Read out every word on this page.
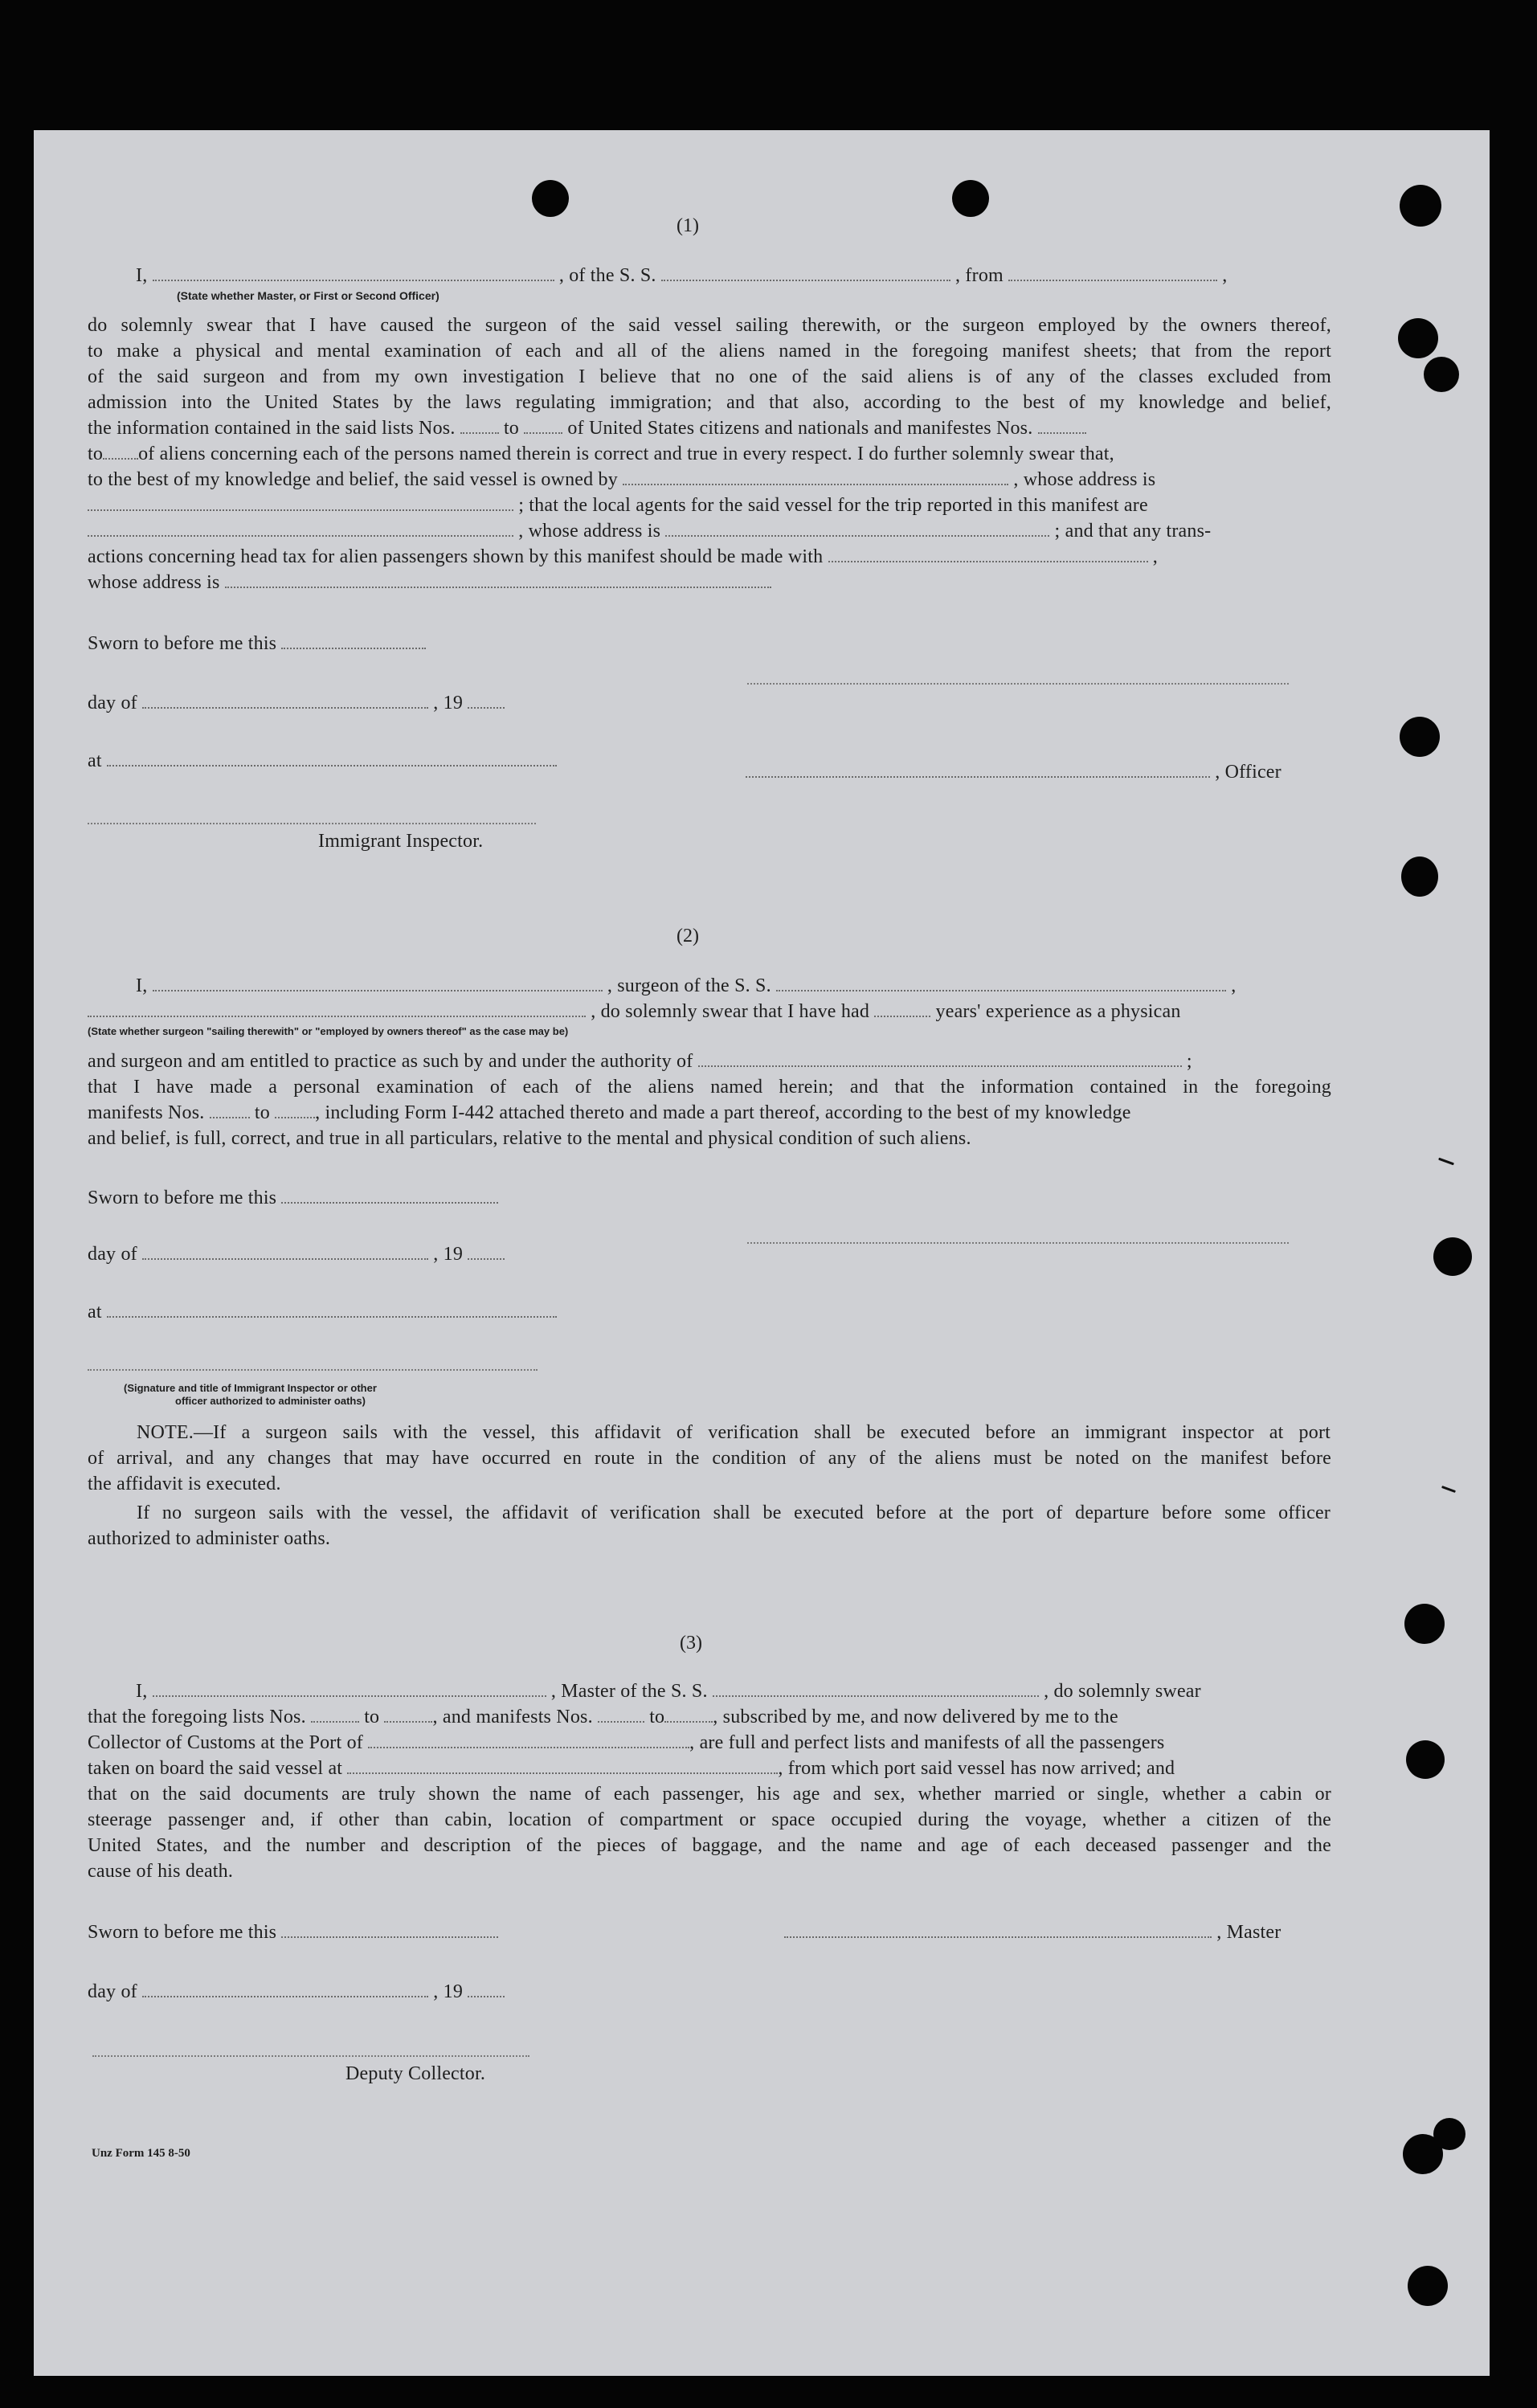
(1)
I,	, of the S. S.	, from	,
(State whether Master, or First or Second Officer)
do solemnly swear that I have caused the surgeon of the said vessel sailing therewith, or the surgeon employed by the owners thereof,
to make a physical and mental examination of each and all of the aliens named in the foregoing manifest sheets; that from the report
of the said surgeon and from my own investigation I believe that no one of the said aliens is of any of the classes excluded from
admission into the United States by the laws regulating immigration; and that also, according to the best of my knowledge and belief,
the information contained in the said lists Nos.	to	of United States citizens and nationals and manifestes Nos.
to of aliens concerning each of the persons named therein is correct and true in every respect. I do further solemnly swear that,
to the best of my knowledge and belief, the said vessel is owned by	, whose address is
; that the local agents for the said vessel for the trip reported in this manifest are
, whose address is	; and that any trans-
actions concerning head tax for alien passengers shown by this manifest should be made with	,
whose address is
Sworn to before me this
day of	, 19
at
, Officer
Immigrant Inspector.
(2)
I,	, surgeon of the S. S.	,
, do solemnly swear that I have had	years' experience as a physican
(State whether surgeon "sailing therewith" or "employed by owners thereof" as the case may be)
and surgeon and am entitled to practice as such by and under the authority of	;
that I have made a personal examination of each of the aliens named herein; and that the information contained in the foregoing
manifests Nos.	to , including Form I-442 attached thereto and made a part thereof, according to the best of my knowledge
and belief, is full, correct, and true in all particulars, relative to the mental and physical condition of such aliens.
Sworn to before me this
day of	, 19
at
(Signature and title of Immigrant Inspector or other
officer authorized to administer oaths)
NOTE.—If a surgeon sails with the vessel, this affidavit of verification shall be executed before an immigrant inspector at port
of arrival, and any changes that may have occurred en route in the condition of any of the aliens must be noted on the manifest before
the affidavit is executed.
If no surgeon sails with the vessel, the affidavit of verification shall be executed before at the port of departure before some officer
authorized to administer oaths.
(3)
I,	, Master of the S. S.	, do solemnly swear
that the foregoing lists Nos.	to	, and manifests Nos.	to	, subscribed by me, and now delivered by me to the
Collector of Customs at the Port of	, are full and perfect lists and manifests of all the passengers
taken on board the said vessel at	, from which port said vessel has now arrived; and
that on the said documents are truly shown the name of each passenger, his age and sex, whether married or single, whether a cabin or
steerage passenger and, if other than cabin, location of compartment or space occupied during the voyage, whether a citizen of the
United States, and the number and description of the pieces of baggage, and the name and age of each deceased passenger and the
cause of his death.
Sworn to before me this	, Master
day of	, 19
Deputy Collector.
Unz Form 145 8-50
